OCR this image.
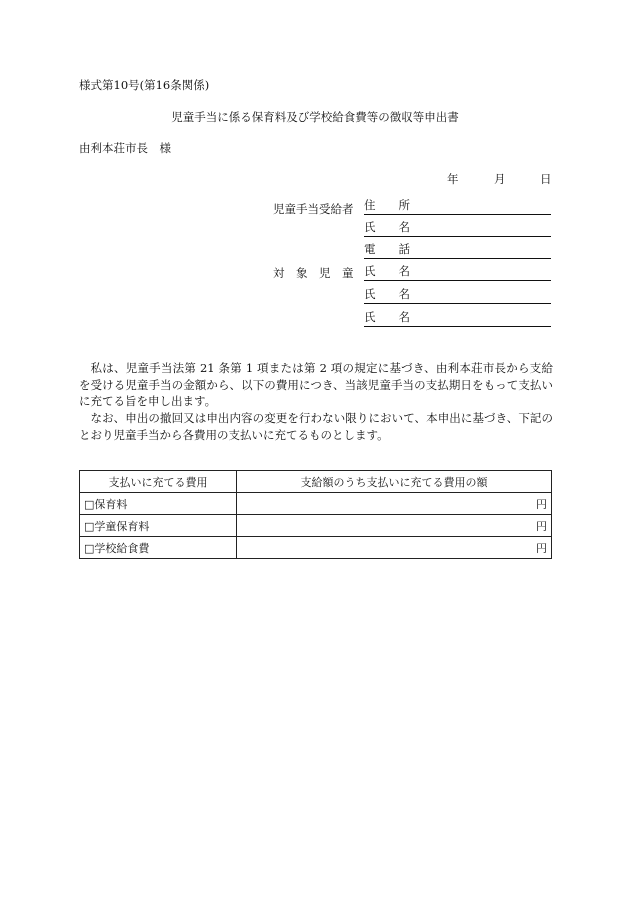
様式第10号(第16条関係)
児童手当に係る保育料及び学校給食費等の徴収等申出書
由利本荘市長　様
年	月	日
児童手当受給者 住　　所
氏　　名
電　　話
対　象　児　童 氏　　名
氏　　名
氏　　名
私は、児童手当法第 21 条第 1 項または第 2 項の規定に基づき、由利本荘市長から支給を受ける児童手当の金額から、以下の費用につき、当該児童手当の支払期日をもって支払いに充てる旨を申し出ます。
なお、申出の撤回又は申出内容の変更を行わない限りにおいて、本申出に基づき、下記のとおり児童手当から各費用の支払いに充てるものとします。
支払いに充てる費用	支給額のうち支払いに充てる費用の額
□保育料	円
□学童保育料	円
□学校給食費	円
